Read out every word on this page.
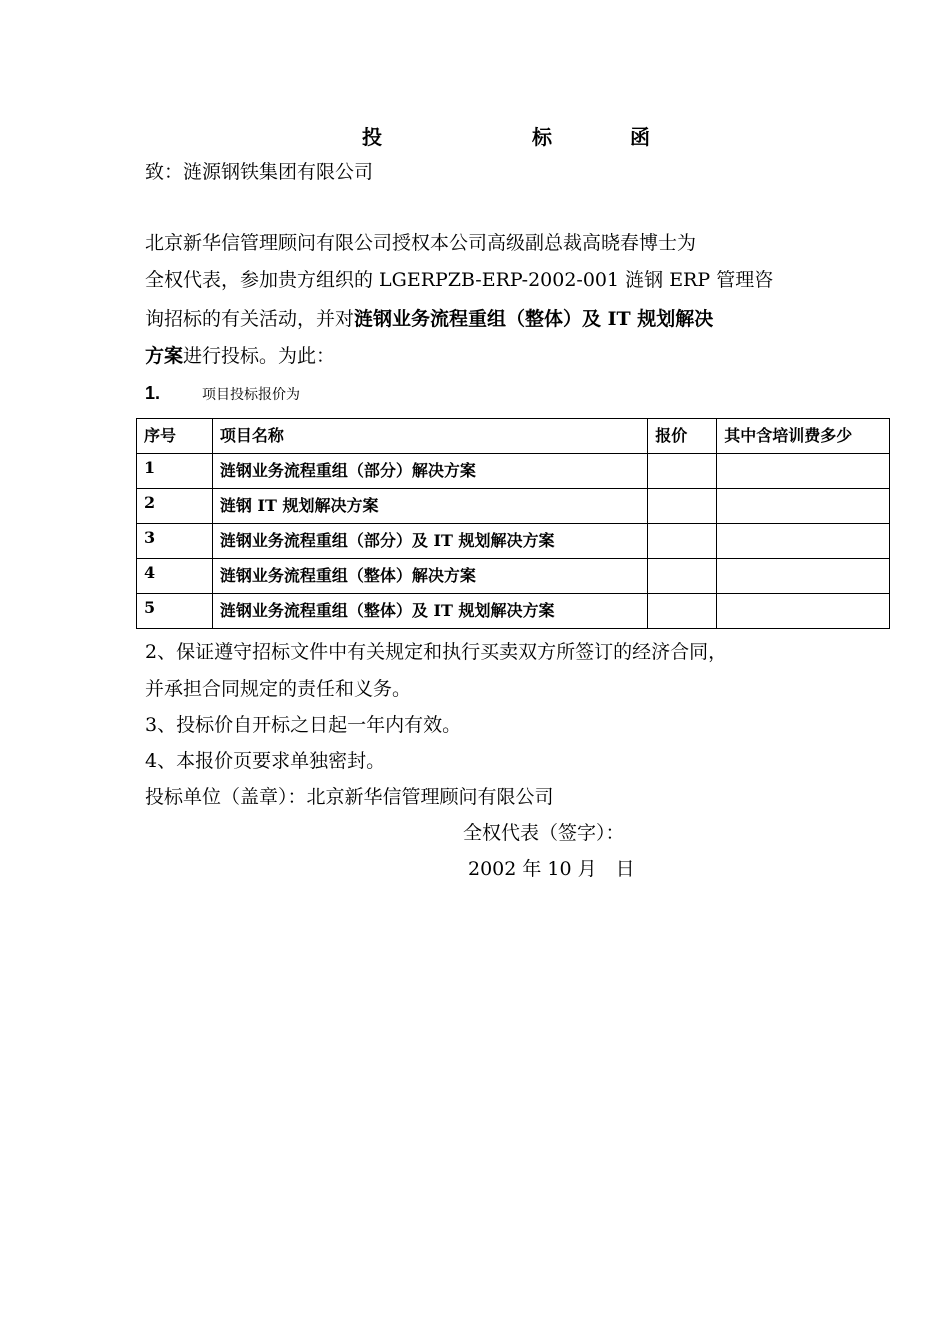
投	标	函
致：涟源钢铁集团有限公司
北京新华信管理顾问有限公司授权本公司高级副总裁高晓春博士为
全权代表，参加贵方组织的 LGERPZB-ERP-2002-001 涟钢 ERP 管理咨
询招标的有关活动，并对涟钢业务流程重组（整体）及 IT 规划解决
方案进行投标。为此：
1.	项目投标报价为
序号	项目名称	报价	其中含培训费多少
1	涟钢业务流程重组（部分）解决方案		
2	涟钢 IT 规划解决方案		
3	涟钢业务流程重组（部分）及 IT 规划解决方案		
4	涟钢业务流程重组（整体）解决方案		
5	涟钢业务流程重组（整体）及 IT 规划解决方案		
2、保证遵守招标文件中有关规定和执行买卖双方所签订的经济合同，
并承担合同规定的责任和义务。
3、投标价自开标之日起一年内有效。
4、本报价页要求单独密封。
投标单位（盖章）：北京新华信管理顾问有限公司
全权代表（签字）：
2002 年 10 月　日
